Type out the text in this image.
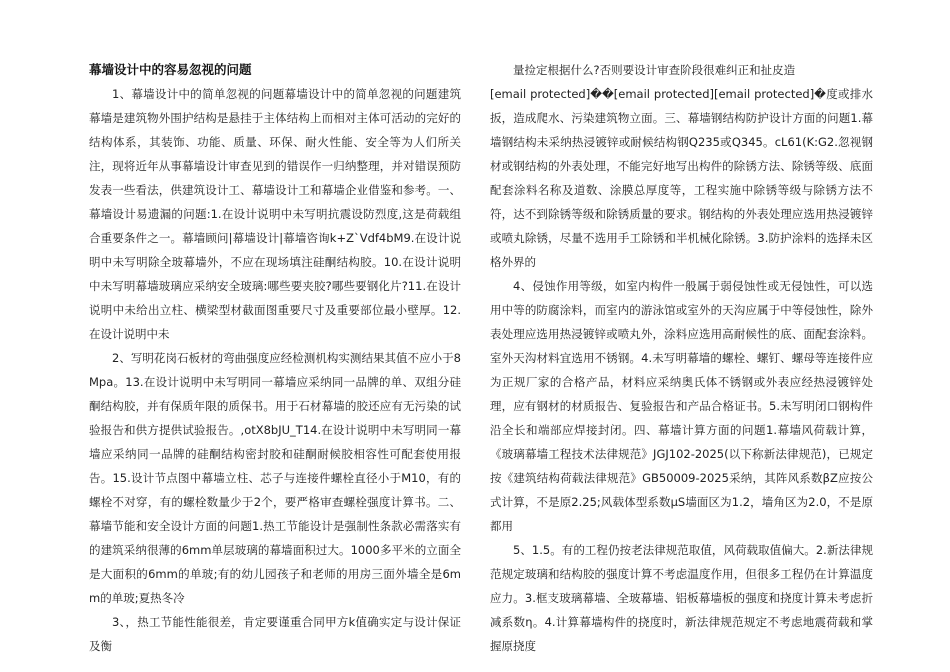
幕墙设计中的容易忽视的问题

1、幕墙设计中的简单忽视的问题幕墙设计中的简单忽视的问题建筑幕墙是建筑物外围护结构是悬挂于主体结构上而相对主体可活动的完好的结构体系，其装饰、功能、质量、环保、耐火性能、安全等为人们所关注，现将近年从事幕墙设计审查见到的错误作一归纳整理，并对错误预防发表一些看法，供建筑设计工、幕墙设计工和幕墙企业借鉴和参考。一、幕墙设计易遗漏的问题:1.在设计说明中未写明抗震设防烈度,这是荷载组合重要条件之一。幕墙顾问|幕墙设计|幕墙咨询k+Z`Vdf4bM9.在设计说明中未写明除全玻幕墙外，不应在现场填注硅酮结构胶。10.在设计说明中未写明幕墙玻璃应采纳安全玻璃:哪些要夹胶?哪些要钢化片?11.在设计说明中未给出立柱、横梁型材截面图重要尺寸及重要部位最小壁厚。12.在设计说明中未

2、写明花岗石板材的弯曲强度应经检测机构实测结果其值不应小于8Mpa。13.在设计说明中未写明同一幕墙应采纳同一品牌的单、双组分硅酮结构胶，并有保质年限的质保书。用于石材幕墙的胶还应有无污染的试验报告和供方提供试验报告。,otX8bJU_T14.在设计说明中未写明同一幕墙应采纳同一品牌的硅酮结构密封胶和硅酮耐候胶相容性可配套使用报告。15.设计节点图中幕墙立柱、芯子与连接件螺栓直径小于M10，有的螺栓不对穿，有的螺栓数量少于2个，要严格审查螺栓强度计算书。二、幕墙节能和安全设计方面的问题1.热工节能设计是强制性条款必需落实有的建筑采纳很薄的6mm单层玻璃的幕墙面积过大。1000多平米的立面全是大面积的6mm的单玻;有的幼儿园孩子和老师的用房三面外墙全是6mm的单玻;夏热冬冷

3、，热工节能性能很差，肯定要谨重合同甲方k值确实定与设计保证及衡

量捡定根据什么?否则要设计审查阶段很难纠正和扯皮造

[email protected]��[email protected][email protected]�度或排水扳，造成爬水、污染建筑物立面。三、幕墙钢结构防护设计方面的问题1.幕墙钢结构未采纳热浸镀锌或耐候结构钢Q235或Q345。cL61(K:G2.忽视钢材或钢结构的外表处理，不能完好地写出构件的除锈方法、除锈等级、底面配套涂料名称及道数、涂膜总厚度等，工程实施中除锈等级与除锈方法不符，达不到除锈等级和除锈质量的要求。钢结构的外表处理应选用热浸镀锌或喷丸除锈，尽量不选用手工除锈和半机械化除锈。3.防护涂料的选择未区格外界的

4、侵蚀作用等级，如室内构件一般属于弱侵蚀性或无侵蚀性，可以选用中等的防腐涂料，而室内的游泳馆或室外的天沟应属于中等侵蚀性，除外表处理应选用热浸镀锌或喷丸外，涂料应选用高耐候性的底、面配套涂料。室外天沟材料宜选用不锈钢。4.未写明幕墙的螺栓、螺钉、螺母等连接件应为正规厂家的合格产品，材料应采纳奥氏体不锈钢或外表应经热浸镀锌处理，应有钢材的材质报告、复验报告和产品合格证书。5.未写明闭口钢构件沿全长和端部应焊接封闭。四、幕墙计算方面的问题1.幕墙风荷载计算，《玻璃幕墙工程技术法律规范》JGJ102-2025(以下称新法律规范)，已规定按《建筑结构荷载法律规范》GB50009-2025采纳，其阵风系数βZ应按公式计算，不是原2.25;风载体型系数μS墙面区为1.2，墙角区为2.0，不是原都用

5、1.5。有的工程仍按老法律规范取值，风荷载取值偏大。2.新法律规范规定玻璃和结构胶的强度计算不考虑温度作用，但很多工程仍在计算温度应力。3.框支玻璃幕墙、全玻幕墙、铝板幕墙板的强度和挠度计算未考虑折减系数η。4.计算幕墙构件的挠度时，新法律规范规定不考虑地震荷载和掌握原挠度
